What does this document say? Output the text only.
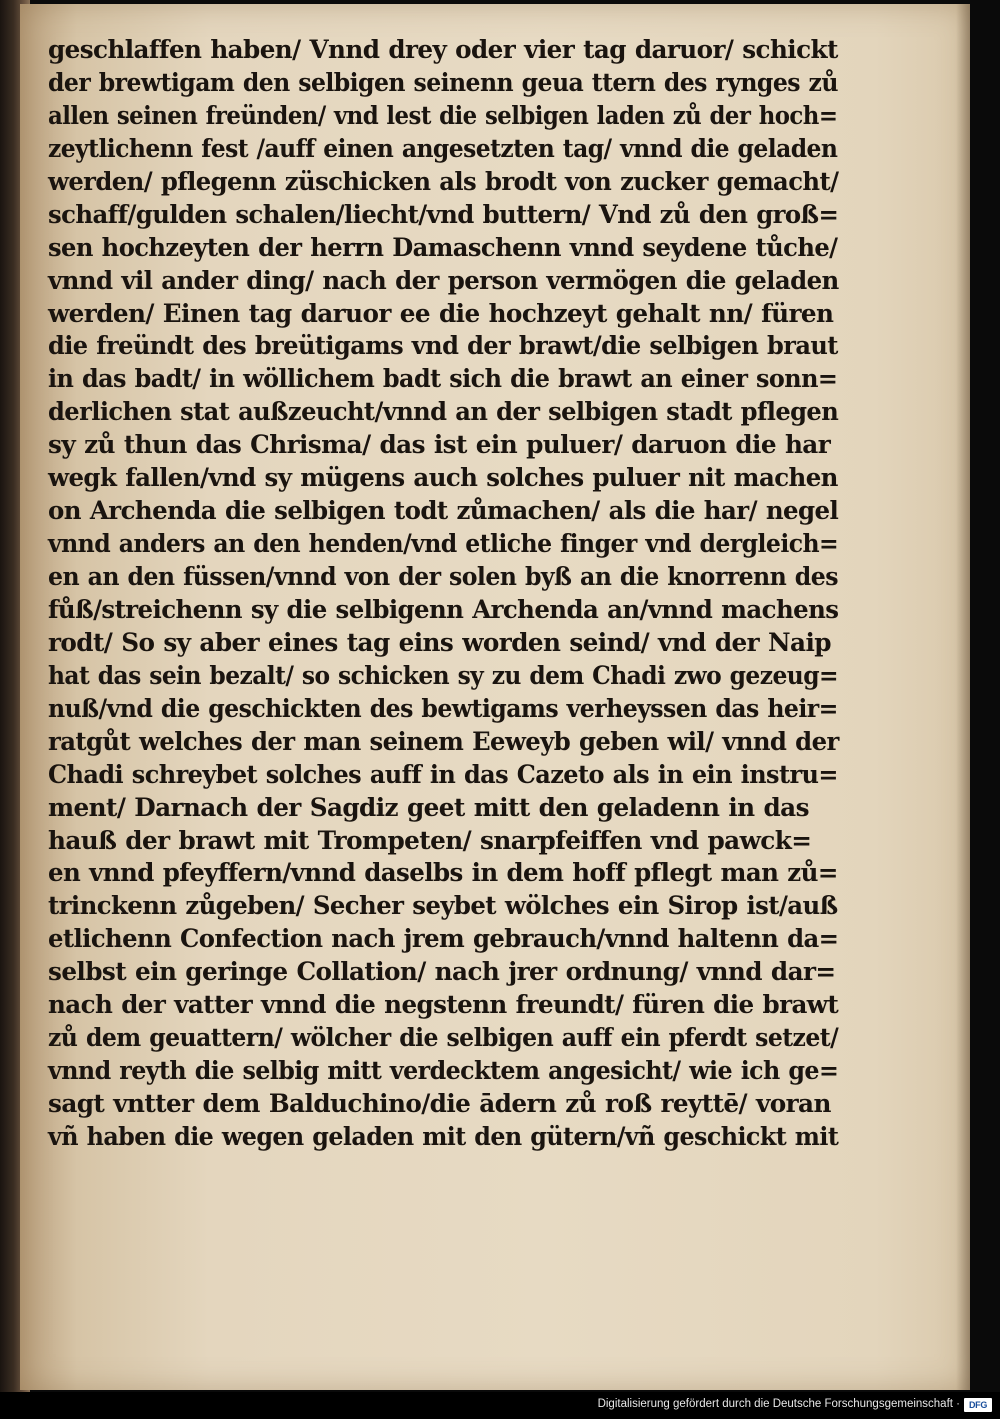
geschlaffen haben/ Vnnd drey oder vier tag daruor/ schickt
der brewtigam den selbigen seinenn geua ttern des rynges zů
allen seinen freünden/ vnd lest die selbigen laden zů der hoch=
zeytlichenn fest /auff einen angesetzten tag/ vnnd die geladen
werden/ pflegenn züschicken als brodt von zucker gemacht/
schaff/gulden schalen/liecht/vnd buttern/ Vnd zů den groß=
sen hochzeyten der herrn Damaschenn vnnd seydene tůche/
vnnd vil ander ding/ nach der person vermögen die geladen
werden/ Einen tag daruor ee die hochzeyt gehalt nn/ füren
die freündt des breütigams vnd der brawt/die selbigen braut
in das badt/ in wöllichem badt sich die brawt an einer sonn=
derlichen stat außzeucht/vnnd an der selbigen stadt pflegen
sy zů thun das Chrisma/ das ist ein puluer/ daruon die har
wegk fallen/vnd sy mügens auch solches puluer nit machen
on Archenda die selbigen todt zůmachen/ als die har/ negel
vnnd anders an den henden/vnd etliche finger vnd dergleich=
en an den füssen/vnnd von der solen byß an die knorrenn des
fůß/streichenn sy die selbigenn Archenda an/vnnd machens
rodt/ So sy aber eines tag eins worden seind/ vnd der Naip
hat das sein bezalt/ so schicken sy zu dem Chadi zwo gezeug=
nuß/vnd die geschickten des bewtigams verheyssen das heir=
ratgůt welches der man seinem Eeweyb geben wil/ vnnd der
Chadi schreybet solches auff in das Cazeto als in ein instru=
ment/ Darnach der Sagdiz geet mitt den geladenn in das
hauß der brawt mit Trompeten/ snarpfeiffen vnd pawck=
en vnnd pfeyffern/vnnd daselbs in dem hoff pflegt man zů=
trinckenn zůgeben/ Secher seybet wölches ein Sirop ist/auß
etlichenn Confection nach jrem gebrauch/vnnd haltenn da=
selbst ein geringe Collation/ nach jrer ordnung/ vnnd dar=
nach der vatter vnnd die negstenn freundt/ füren die brawt
zů dem geuattern/ wölcher die selbigen auff ein pferdt setzet/
vnnd reyth die selbig mitt verdecktem angesicht/ wie ich ge=
sagt vntter dem Balduchino/die ādern zů roß reyttē/ voran
vñ haben die wegen geladen mit den gütern/vñ geschickt mit
Digitalisierung gefördert durch die Deutsche Forschungsgemeinschaft · DFG
